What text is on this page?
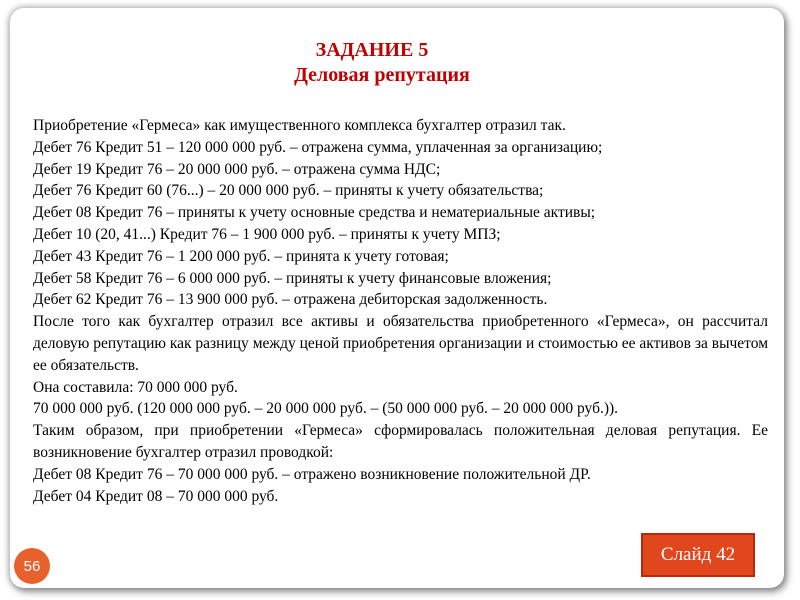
ЗАДАНИЕ 5
Деловая репутация
Приобретение «Гермеса» как имущественного комплекса бухгалтер отразил так.
Дебет 76 Кредит 51 – 120 000 000 руб. – отражена сумма, уплаченная за организацию;
Дебет 19 Кредит 76 – 20 000 000 руб. – отражена сумма НДС;
Дебет 76 Кредит 60 (76...) – 20 000 000 руб. – приняты к учету обязательства;
Дебет 08 Кредит 76 – приняты к учету основные средства и нематериальные активы;
Дебет 10 (20, 41...) Кредит 76 – 1 900 000 руб. – приняты к учету МПЗ;
Дебет 43 Кредит 76 – 1 200 000 руб. – принята к учету готовая;
Дебет 58 Кредит 76 – 6 000 000 руб. – приняты к учету финансовые вложения;
Дебет 62 Кредит 76 – 13 900 000 руб. – отражена дебиторская задолженность.
После того как бухгалтер отразил все активы и обязательства приобретенного «Гермеса», он рассчитал деловую репутацию как разницу между ценой приобретения организации и стоимостью ее активов за вычетом ее обязательств.
Она составила: 70 000 000 руб.
70 000 000 руб. (120 000 000 руб. – 20 000 000 руб. – (50 000 000 руб. – 20 000 000 руб.)).
Таким образом, при приобретении «Гермеса» сформировалась положительная деловая репутация. Ее возникновение бухгалтер отразил проводкой:
Дебет 08 Кредит 76 – 70 000 000 руб. – отражено возникновение положительной ДР.
Дебет 04 Кредит 08 – 70 000 000 руб.
56
Слайд 42
